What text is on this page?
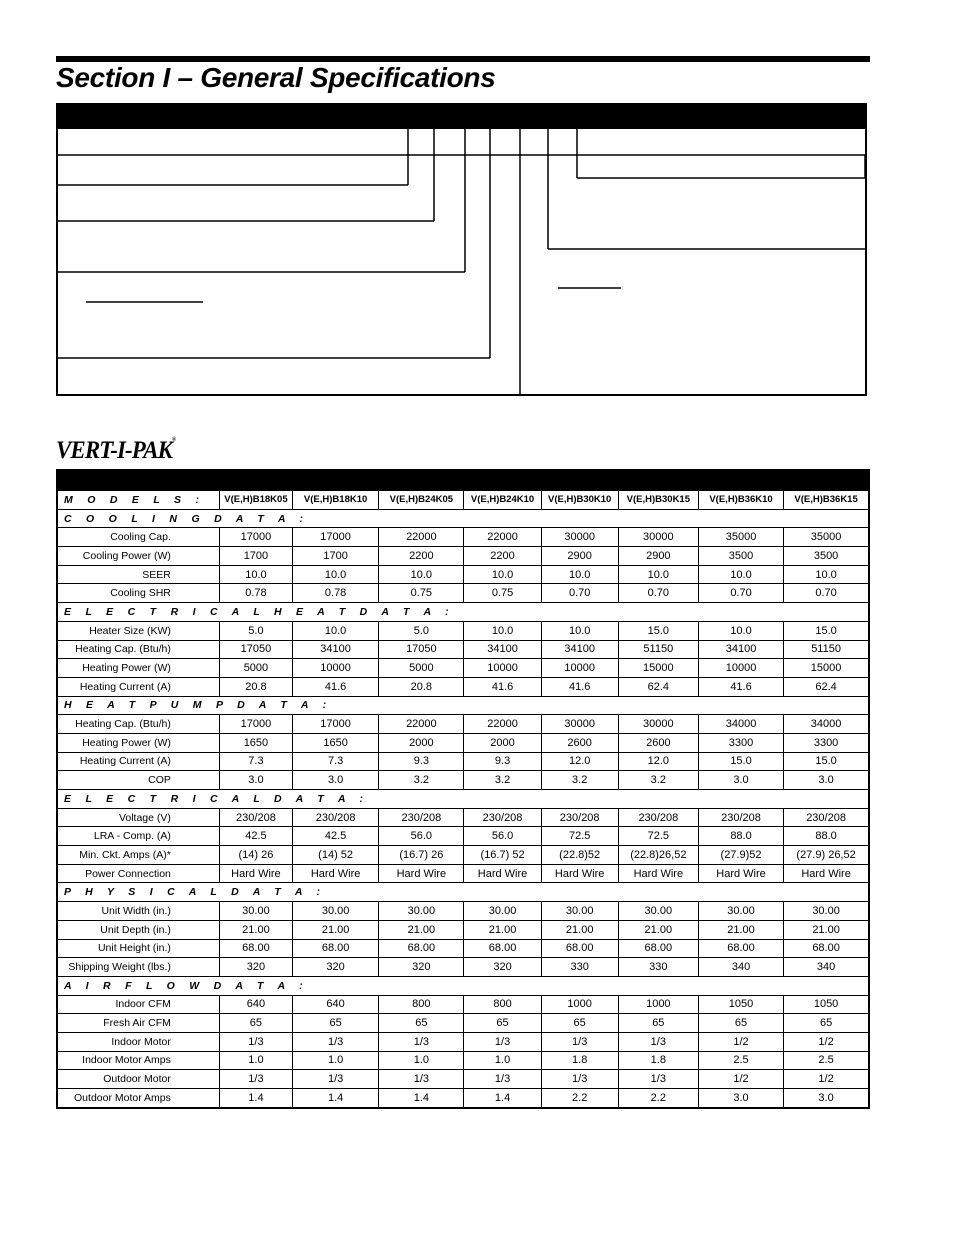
Section I – General Specifications
VERT-I-PAK®
M O D E L S :	V(E,H)B18K05	V(E,H)B18K10	V(E,H)B24K05	V(E,H)B24K10	V(E,H)B30K10	V(E,H)B30K15	V(E,H)B36K10	V(E,H)B36K15
C O O L I N G D A T A :								
Cooling Cap.	17000	17000	22000	22000	30000	30000	35000	35000
Cooling Power (W)	1700	1700	2200	2200	2900	2900	3500	3500
SEER	10.0	10.0	10.0	10.0	10.0	10.0	10.0	10.0
Cooling SHR	0.78	0.78	0.75	0.75	0.70	0.70	0.70	0.70
E L E C T R I C A L H E A T D A T A :								
Heater Size (KW)	5.0	10.0	5.0	10.0	10.0	15.0	10.0	15.0
Heating Cap. (Btu/h)	17050	34100	17050	34100	34100	51150	34100	51150
Heating Power (W)	5000	10000	5000	10000	10000	15000	10000	15000
Heating Current (A)	20.8	41.6	20.8	41.6	41.6	62.4	41.6	62.4
H E A T P U M P D A T A :								
Heating Cap. (Btu/h)	17000	17000	22000	22000	30000	30000	34000	34000
Heating Power (W)	1650	1650	2000	2000	2600	2600	3300	3300
Heating Current (A)	7.3	7.3	9.3	9.3	12.0	12.0	15.0	15.0
COP	3.0	3.0	3.2	3.2	3.2	3.2	3.0	3.0
E L E C T R I C A L D A T A :								
Voltage (V)	230/208	230/208	230/208	230/208	230/208	230/208	230/208	230/208
LRA - Comp. (A)	42.5	42.5	56.0	56.0	72.5	72.5	88.0	88.0
Min. Ckt. Amps (A)*	(14) 26	(14) 52	(16.7) 26	(16.7) 52	(22.8)52	(22.8)26,52	(27.9)52	(27.9) 26,52
Power Connection	Hard Wire	Hard Wire	Hard Wire	Hard Wire	Hard Wire	Hard Wire	Hard Wire	Hard Wire
P H Y S I C A L D A T A :								
Unit Width (in.)	30.00	30.00	30.00	30.00	30.00	30.00	30.00	30.00
Unit Depth (in.)	21.00	21.00	21.00	21.00	21.00	21.00	21.00	21.00
Unit Height (in.)	68.00	68.00	68.00	68.00	68.00	68.00	68.00	68.00
Shipping Weight (lbs.)	320	320	320	320	330	330	340	340
A I R F L O W D A T A :								
Indoor CFM	640	640	800	800	1000	1000	1050	1050
Fresh Air CFM	65	65	65	65	65	65	65	65
Indoor Motor	1/3	1/3	1/3	1/3	1/3	1/3	1/2	1/2
Indoor Motor Amps	1.0	1.0	1.0	1.0	1.8	1.8	2.5	2.5
Outdoor Motor	1/3	1/3	1/3	1/3	1/3	1/3	1/2	1/2
Outdoor Motor Amps	1.4	1.4	1.4	1.4	2.2	2.2	3.0	3.0
